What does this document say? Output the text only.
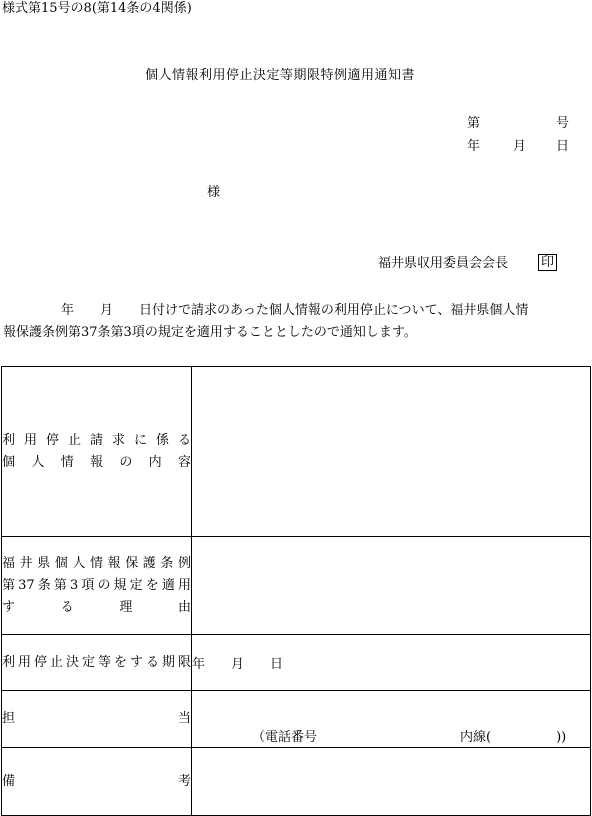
様式第15号の8(第14条の4関係)
個人情報利用停止決定等期限特例適用通知書
第	号
年	月 日
様
福井県収用委員会会長	印

年　　月　　日付けで請求のあった個人情報の利用停止について、福井県個人情

報保護条例第37条第3項の規定を適用することとしたので通知します。

利用停止請求に係る
個人情報の内容	

福井県個人情報保護条例
第37条第3項の規定を適用
する理由	

利用停止決定等をする期限	年　　月　　日

担当	（電話番号　　　　　　　　　　　内線(　　　　　))

備考	
